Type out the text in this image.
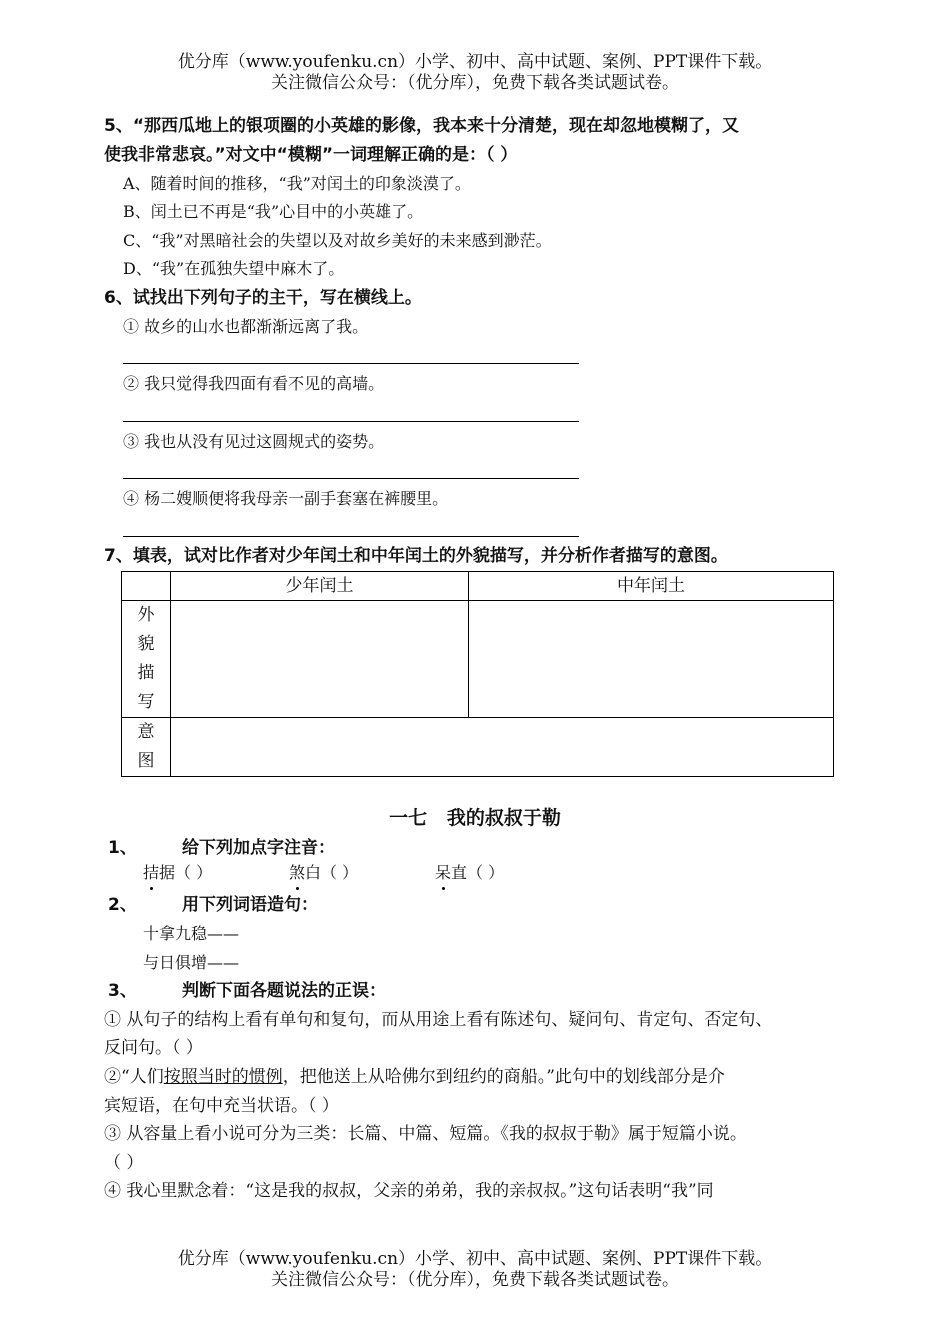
优分库（www.youfenku.cn）小学、初中、高中试题、案例、PPT课件下载。
关注微信公众号：（优分库），免费下载各类试题试卷。
5、“那西瓜地上的银项圈的小英雄的影像，我本来十分清楚，现在却忽地模糊了，又
使我非常悲哀。”对文中“模糊”一词理解正确的是：（ ）
A、随着时间的推移，“我”对闰土的印象淡漠了。
B、闰土已不再是“我”心目中的小英雄了。
C、“我”对黑暗社会的失望以及对故乡美好的未来感到渺茫。
D、“我”在孤独失望中麻木了。
6、试找出下列句子的主干，写在横线上。
① 故乡的山水也都渐渐远离了我。
② 我只觉得我四面有看不见的高墙。
③ 我也从没有见过这圆规式的姿势。
④ 杨二嫂顺便将我母亲一副手套塞在裤腰里。
7、填表，试对比作者对少年闰土和中年闰土的外貌描写，并分析作者描写的意图。
	少年闰土	中年闰土

外
貌
描
写		

意
图		

一七   我的叔叔于勒
1、	给下列加点字注音：
拮据（ ）	煞白（ ）	呆直（ ）
2、	用下列词语造句：
十拿九稳——
与日俱增——
3、	判断下面各题说法的正误：
① 从句子的结构上看有单句和复句，而从用途上看有陈述句、疑问句、肯定句、否定句、
反问句。（ ）
②“人们按照当时的惯例，把他送上从哈佛尔到纽约的商船。”此句中的划线部分是介
宾短语，在句中充当状语。（ ）
③ 从容量上看小说可分为三类：长篇、中篇、短篇。《我的叔叔于勒》属于短篇小说。
（ ）
④ 我心里默念着：“这是我的叔叔，父亲的弟弟，我的亲叔叔。”这句话表明“我”同
优分库（www.youfenku.cn）小学、初中、高中试题、案例、PPT课件下载。
关注微信公众号：（优分库），免费下载各类试题试卷。
